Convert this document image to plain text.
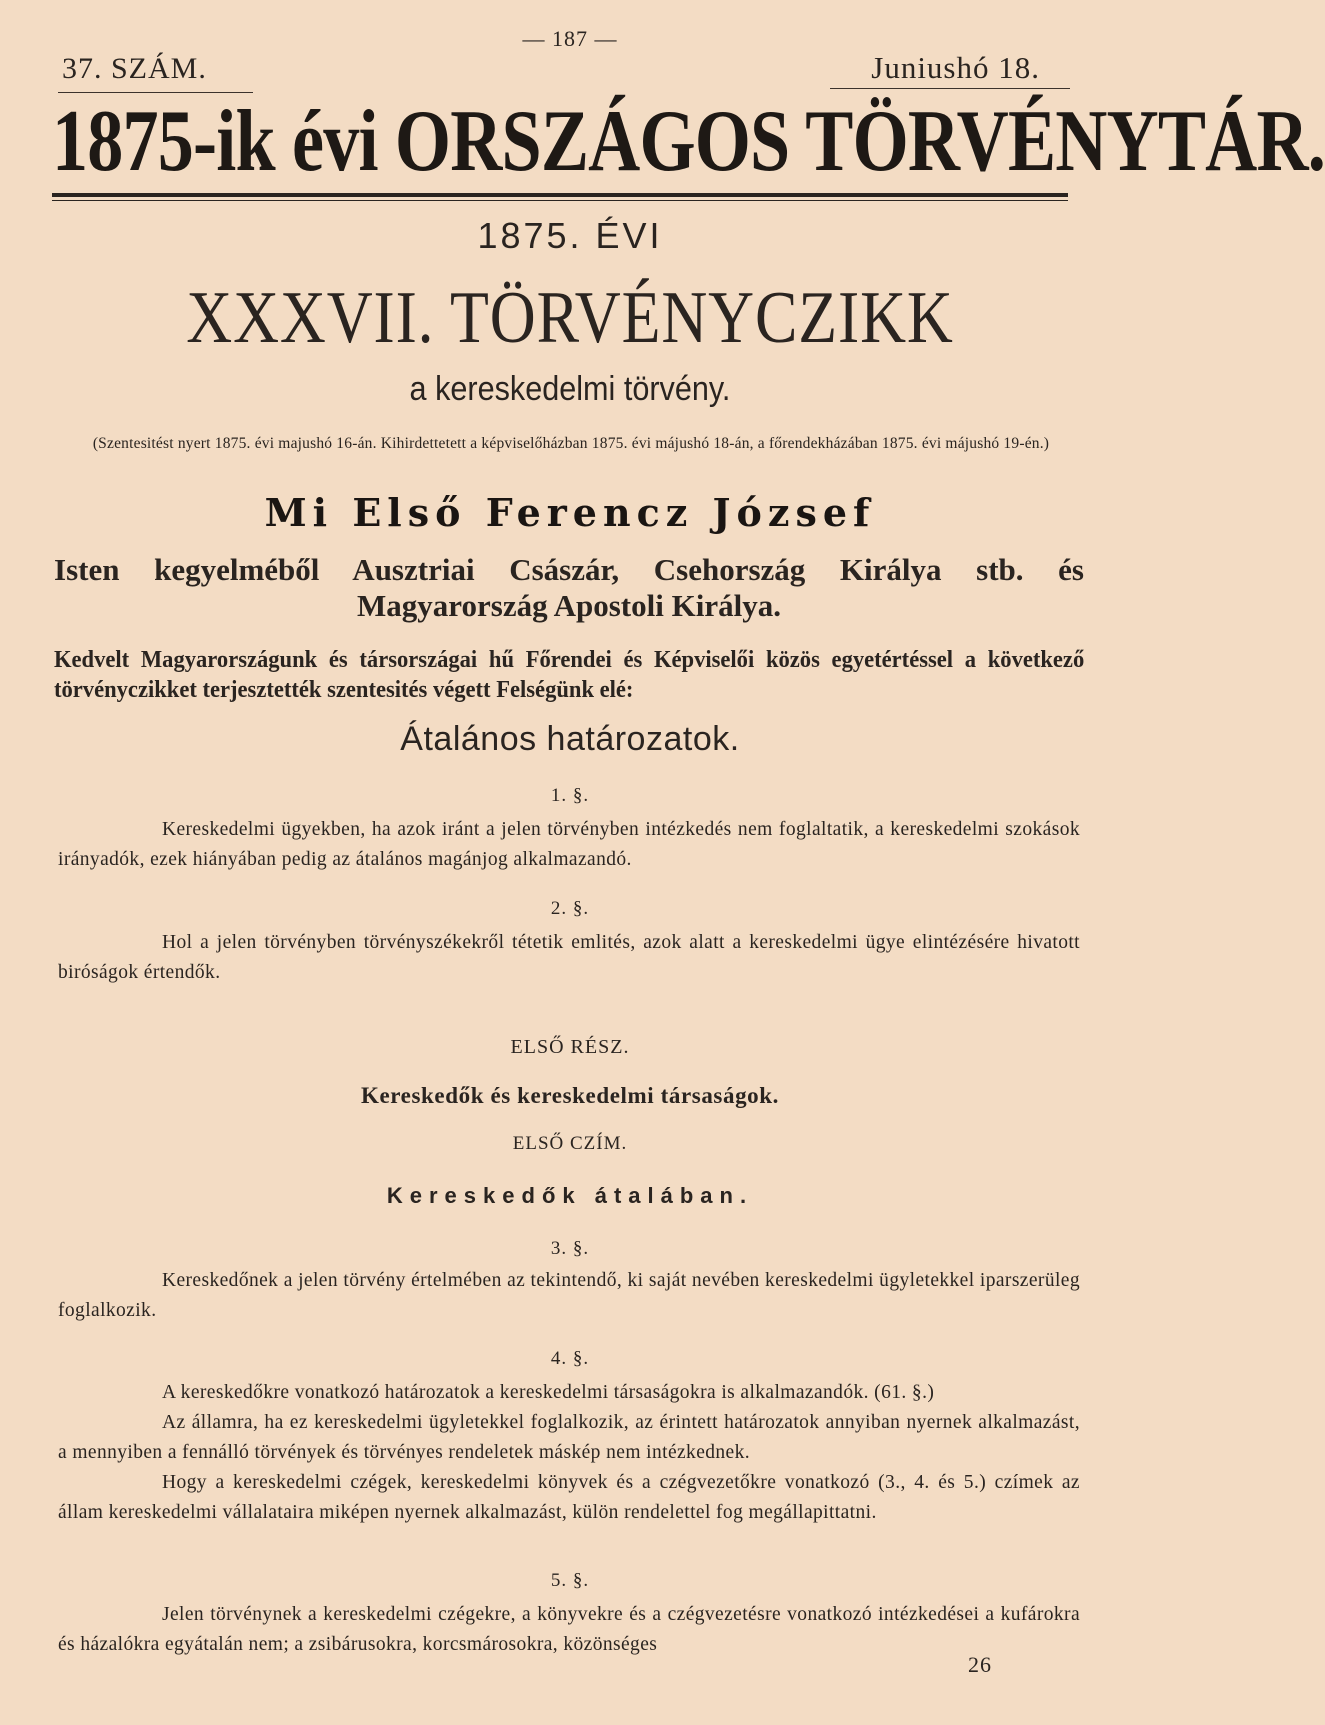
— 187 —
37. SZÁM.	Juniushó 18.
1875-ik évi ORSZÁGOS TÖRVÉNYTÁR.
1875. ÉVI
XXXVII. TÖRVÉNYCZIKK
a kereskedelmi törvény.
(Szentesitést nyert 1875. évi majushó 16-án. Kihirdettetett a képviselőházban 1875. évi májushó 18-án, a főrendekházában 1875. évi májushó 19-én.)
Mi Első Ferencz József
Isten kegyelméből Ausztriai Császár, Csehország Királya stb. és
Magyarország Apostoli Királya.
Kedvelt Magyarországunk és társországai hű Főrendei és Képviselői közös egyetértéssel a következő törvényczikket terjesztették szentesités végett Felségünk elé:
Átalános határozatok.
1. §.
Kereskedelmi ügyekben, ha azok iránt a jelen törvényben intézkedés nem foglaltatik, a kereskedelmi szokások irányadók, ezek hiányában pedig az átalános magánjog alkalmazandó.
2. §.
Hol a jelen törvényben törvényszékekről tétetik emlités, azok alatt a kereskedelmi ügye elintézésére hivatott biróságok értendők.
ELSŐ RÉSZ.
Kereskedők és kereskedelmi társaságok.
ELSŐ CZÍM.
Kereskedők átalában.
3. §.
Kereskedőnek a jelen törvény értelmében az tekintendő, ki saját nevében kereskedelmi ügyletekkel iparszerüleg foglalkozik.
4. §.
A kereskedőkre vonatkozó határozatok a kereskedelmi társaságokra is alkalmazandók. (61. §.)
Az államra, ha ez kereskedelmi ügyletekkel foglalkozik, az érintett határozatok annyiban nyernek alkalmazást, a mennyiben a fennálló törvények és törvényes rendeletek máskép nem intézkednek.
Hogy a kereskedelmi czégek, kereskedelmi könyvek és a czégvezetőkre vonatkozó (3., 4. és 5.) czímek az állam kereskedelmi vállalataira miképen nyernek alkalmazást, külön rendelettel fog megállapittatni.
5. §.
Jelen törvénynek a kereskedelmi czégekre, a könyvekre és a czégvezetésre vonatkozó intézkedései a kufárokra és házalókra egyátalán nem; a zsibárusokra, korcsmárosokra, közönséges
26
